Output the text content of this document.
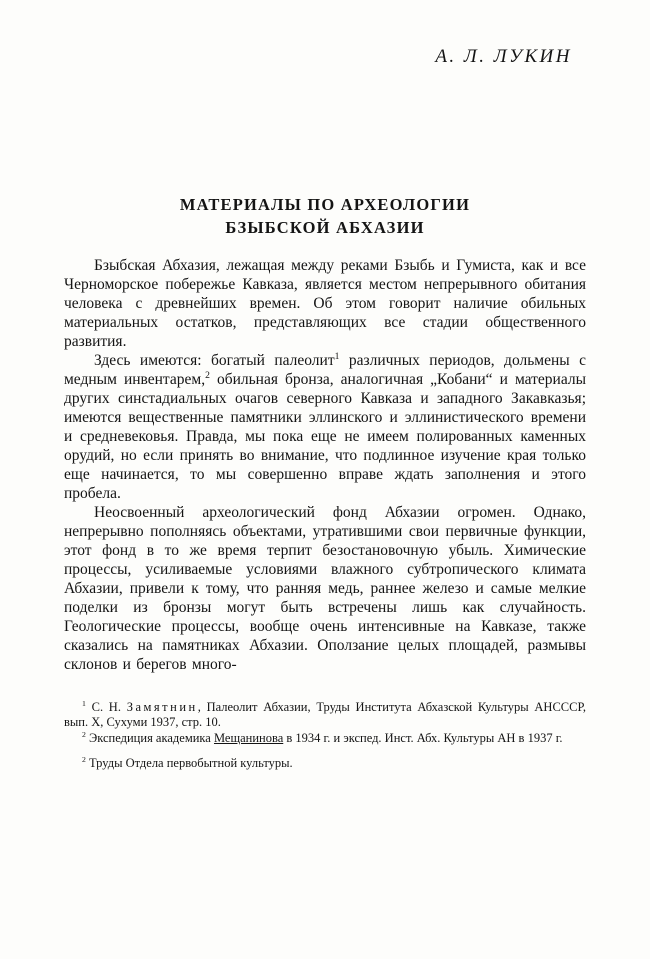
А. Л. ЛУКИН
МАТЕРИАЛЫ ПО АРХЕОЛОГИИ
БЗЫБСКОЙ АБХАЗИИ

Бзыбская Абхазия, лежащая между реками Бзыбь и Гумиста, как и все Черноморское побережье Кавказа, является местом непрерывного обитания человека с древнейших времен. Об этом говорит наличие обильных материальных остатков, представляющих все стадии общественного развития.

Здесь имеются: богатый палеолит$^1$ различных периодов, дольмены с медным инвентарем,$^2$ обильная бронза, аналогичная „Кобани“ и материалы других синстадиальных очагов северного Кавказа и западного Закавказья; имеются вещественные памятники эллинского и эллинистического времени и средневековья. Правда, мы пока еще не имеем полированных каменных орудий, но если принять во внимание, что подлинное изучение края только еще начинается, то мы совершенно вправе ждать заполнения и этого пробела.

Неосвоенный археологический фонд Абхазии огромен. Однако, непрерывно пополняясь объектами, утратившими свои первичные функции, этот фонд в то же время терпит безостановочную убыль. Химические процессы, усиливаемые условиями влажного субтропического климата Абхазии, привели к тому, что ранняя медь, раннее железо и самые мелкие поделки из бронзы могут быть встречены лишь как случайность. Геологические процессы, вообще очень интенсивные на Кавказе, также сказались на памятниках Абхазии. Оползание целых площадей, размывы склонов и берегов много-

$^1$ С. Н. Замятнин, Палеолит Абхазии, Труды Института Абхазской Культуры АНСССР, вып. X, Сухуми 1937, стр. 10.

$^2$ Экспедиция академика Мещанинова в 1934 г. и экспед. Инст. Абх. Культуры АН в 1937 г.

$^2$ Труды Отдела первобытной культуры.
